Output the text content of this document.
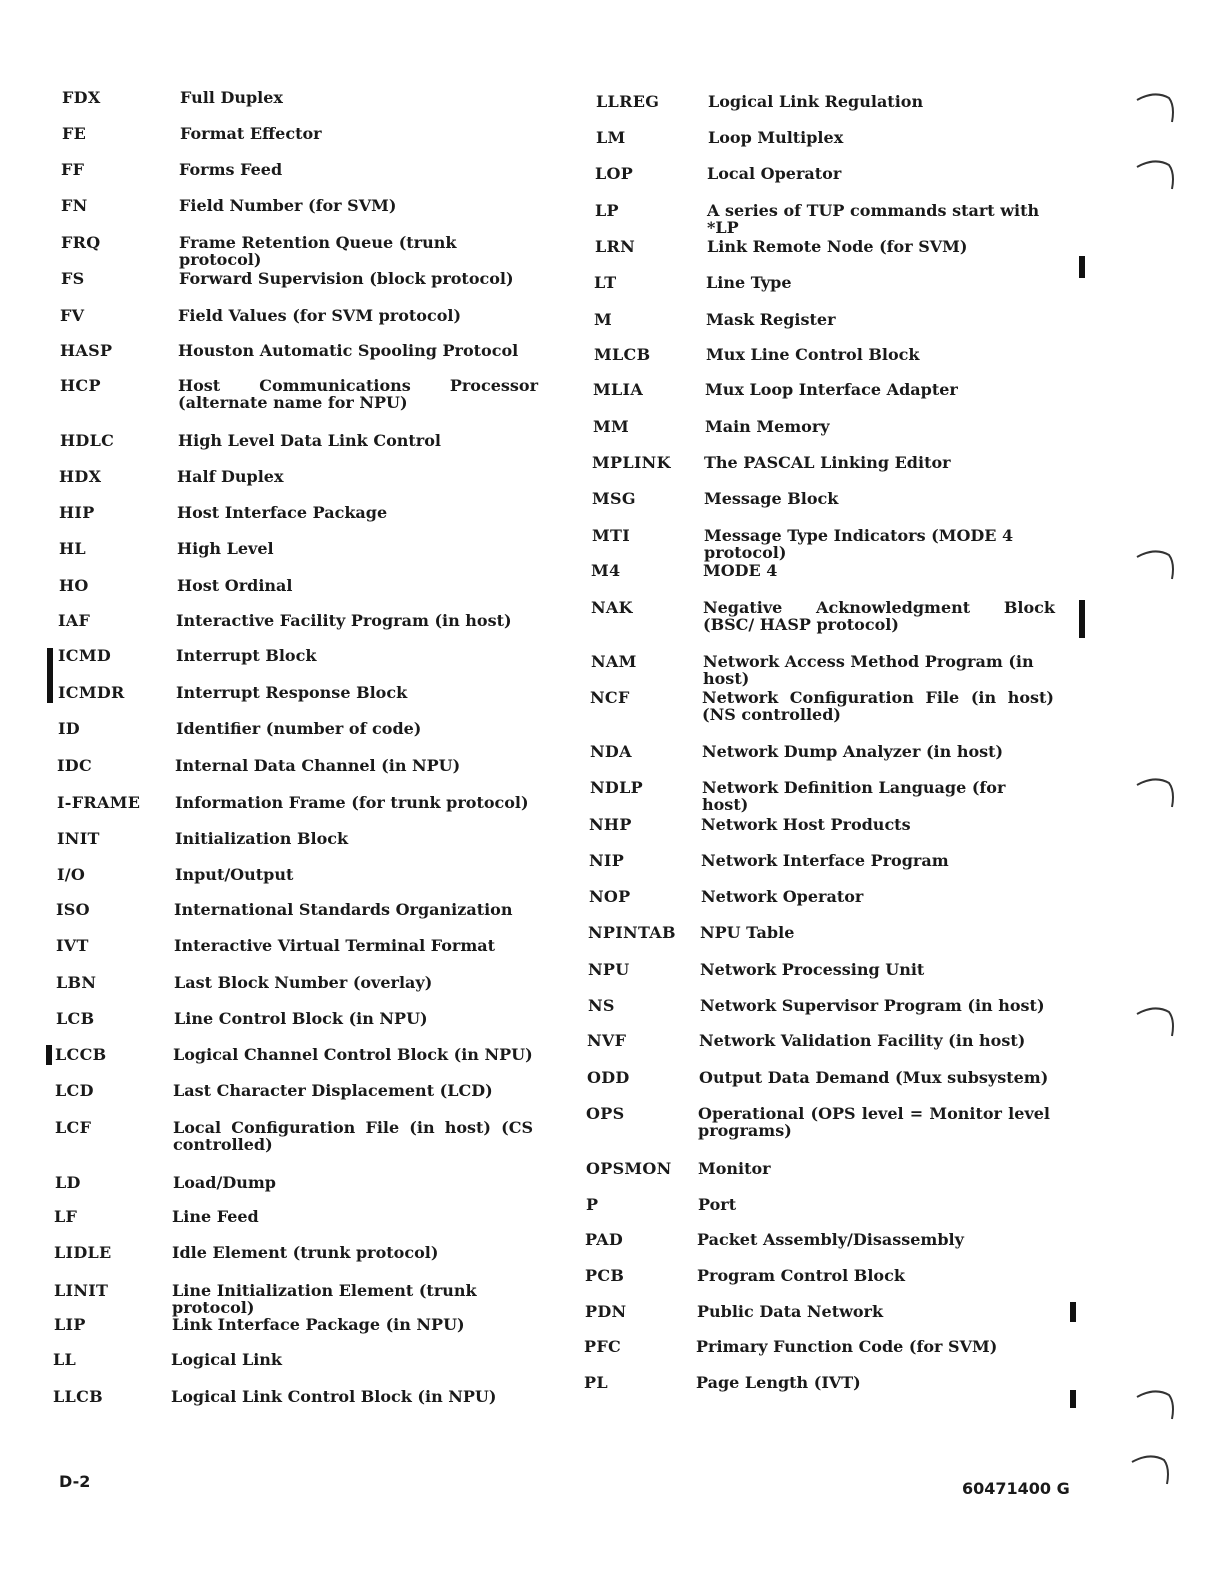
FDX	Full Duplex
FE	Format Effector
FF	Forms Feed
FN	Field Number (for SVM)
FRQ	Frame Retention Queue (trunk protocol)
FS	Forward Supervision (block protocol)
FV	Field Values (for SVM protocol)
HASP	Houston Automatic Spooling Protocol
HCP	Host Communications Processor (alternate name for NPU)
HDLC	High Level Data Link Control
HDX	Half Duplex
HIP	Host Interface Package
HL	High Level
HO	Host Ordinal
IAF	Interactive Facility Program (in host)
ICMD	Interrupt Block
ICMDR	Interrupt Response Block
ID	Identifier (number of code)
IDC	Internal Data Channel (in NPU)
I-FRAME Information Frame (for trunk protocol)
INIT	Initialization Block
I/O	Input/Output
ISO	International Standards Organization
IVT	Interactive Virtual Terminal Format
LBN	Last Block Number (overlay)
LCB	Line Control Block (in NPU)
LCCB	Logical Channel Control Block (in NPU)
LCD	Last Character Displacement (LCD)
LCF	Local Configuration File (in host) (CS controlled)
LD	Load/Dump
LF	Line Feed
LIDLE	Idle Element (trunk protocol)
LINIT	Line Initialization Element (trunk protocol)
LIP	Link Interface Package (in NPU)
LL	Logical Link
LLCB	Logical Link Control Block (in NPU)
LLREG	Logical Link Regulation
LM	Loop Multiplex
LOP	Local Operator
LP	A series of TUP commands start with *LP
LRN	Link Remote Node (for SVM)
LT	Line Type
M	Mask Register
MLCB	Mux Line Control Block
MLIA	Mux Loop Interface Adapter
MM	Main Memory
MPLINK The PASCAL Linking Editor
MSG	Message Block
MTI	Message Type Indicators (MODE 4 protocol)
M4	MODE 4
NAK	Negative Acknowledgment Block (BSC/ HASP protocol)
NAM	Network Access Method Program (in host)
NCF	Network Configuration File (in host) (NS controlled)
NDA	Network Dump Analyzer (in host)
NDLP	Network Definition Language (for host)
NHP	Network Host Products
NIP	Network Interface Program
NOP	Network Operator
NPINTAB NPU Table
NPU	Network Processing Unit
NS	Network Supervisor Program (in host)
NVF	Network Validation Facility (in host)
ODD	Output Data Demand (Mux subsystem)
OPS	Operational (OPS level = Monitor level programs)
OPSMON Monitor
P	Port
PAD	Packet Assembly/Disassembly
PCB	Program Control Block
PDN	Public Data Network
PFC	Primary Function Code (for SVM)
PL	Page Length (IVT)
D-2	60471400 G
